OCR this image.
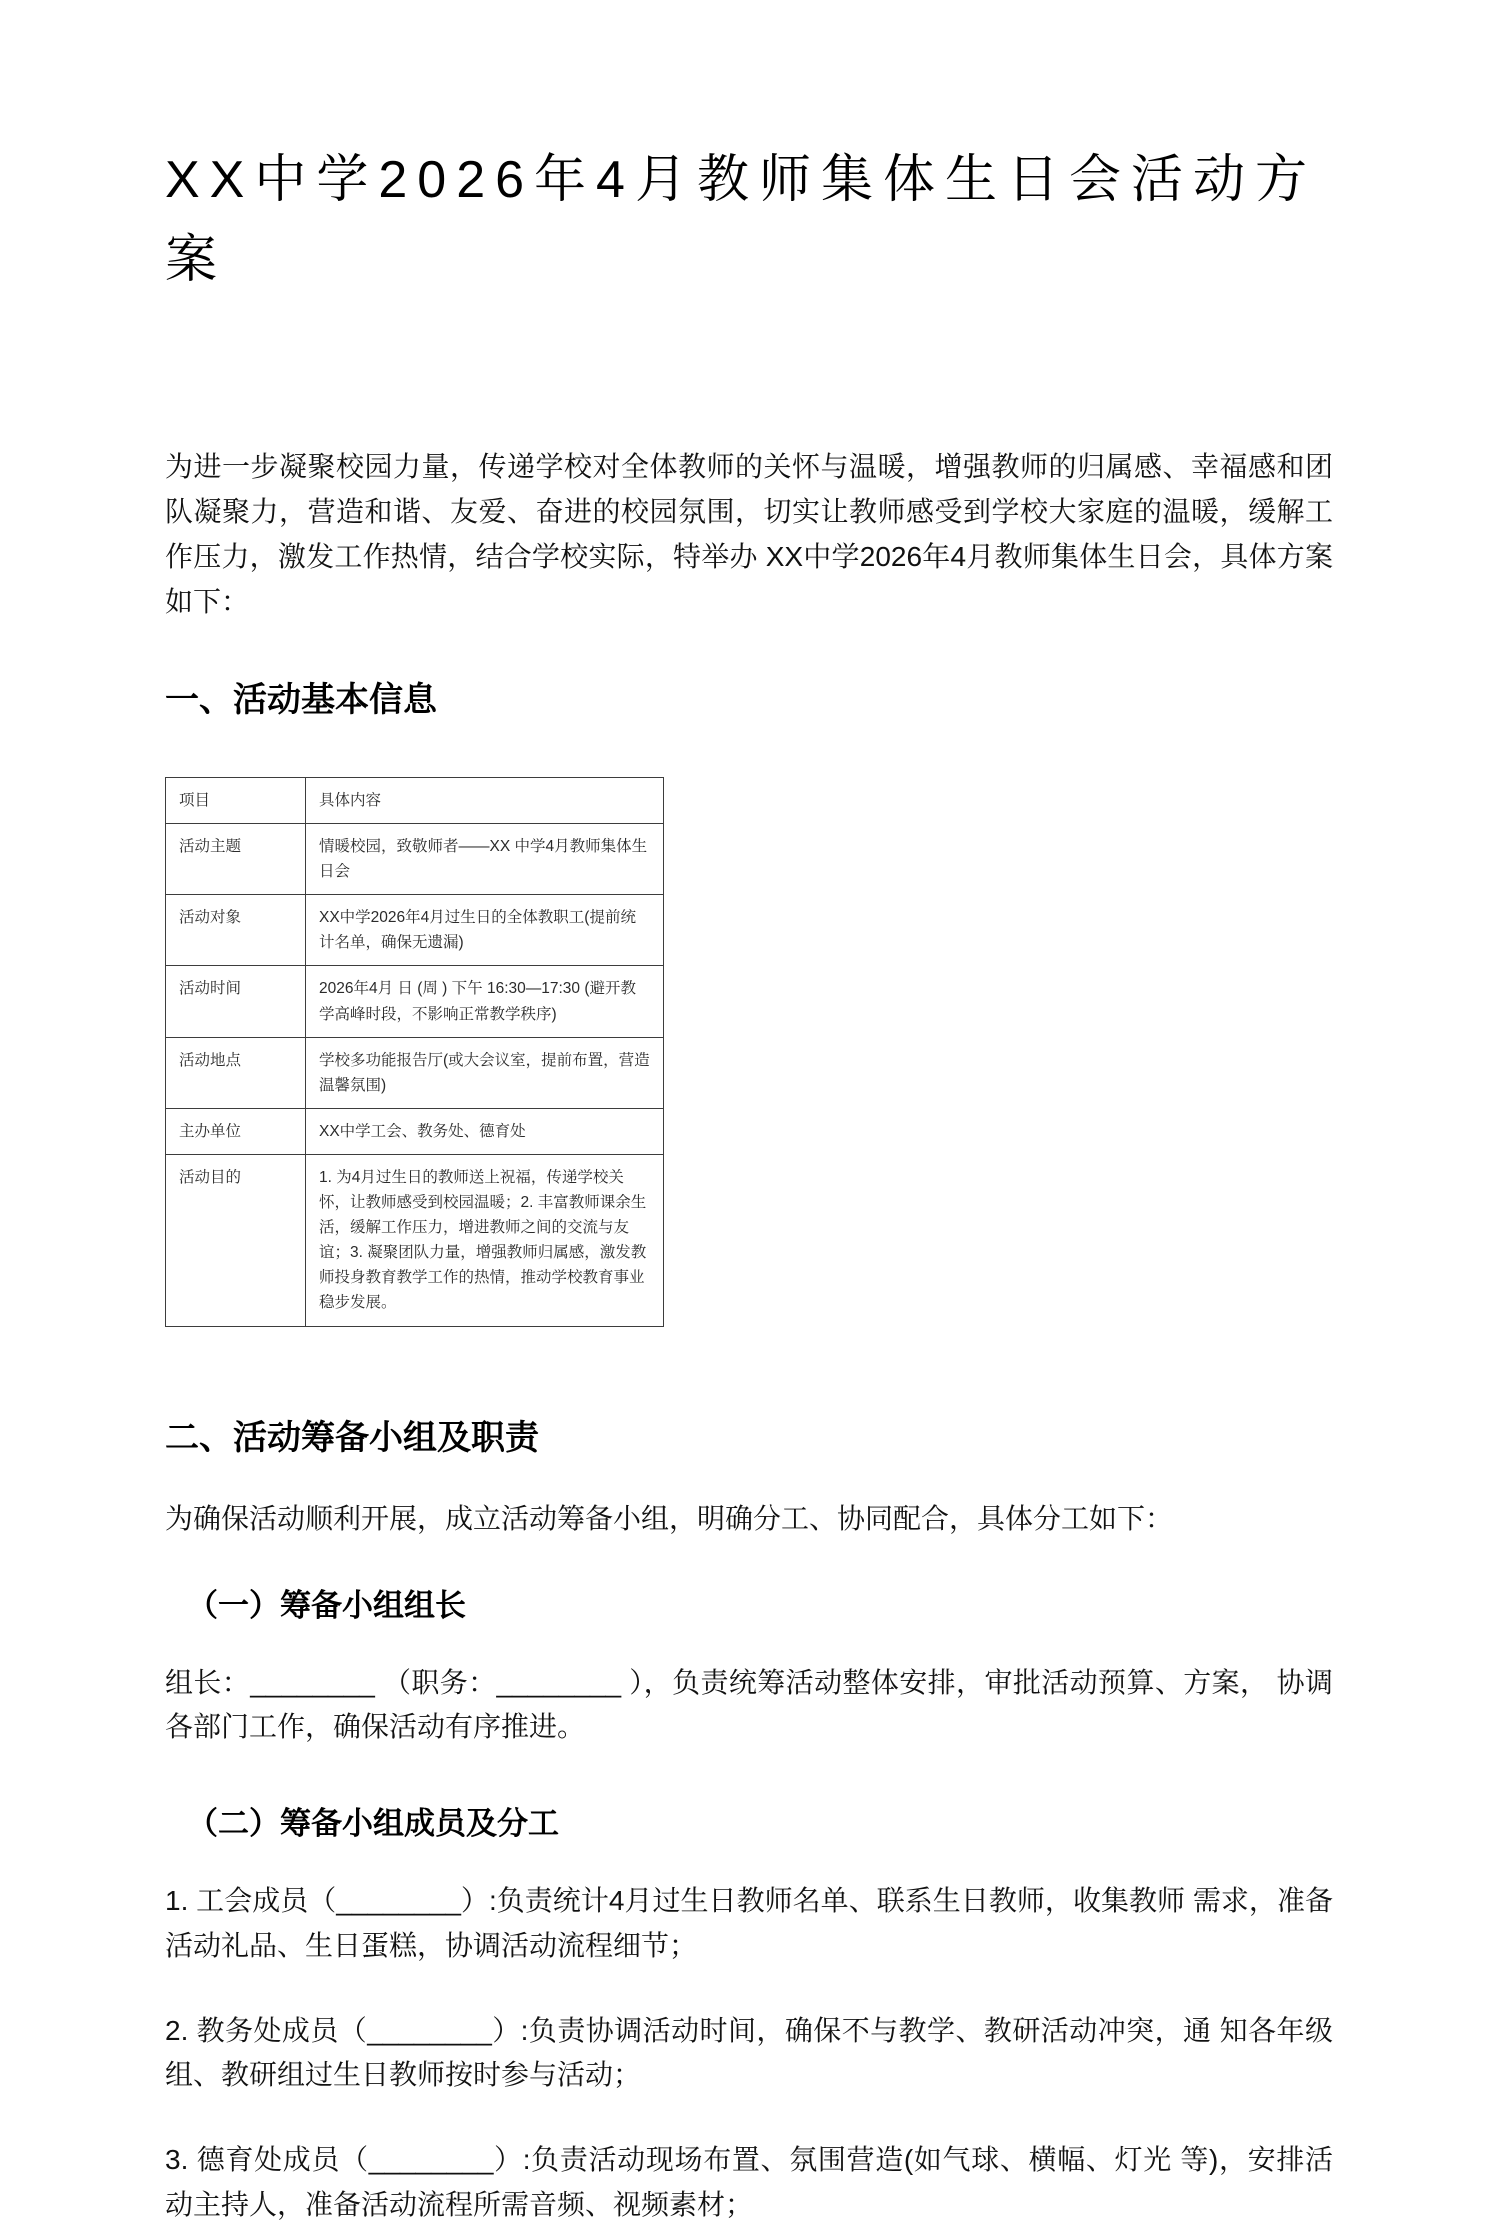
XX中学2026年4月教师集体生日会活动方案

为进一步凝聚校园力量，传递学校对全体教师的关怀与温暖，增强教师的归属感、幸福感和团队凝聚力，营造和谐、友爱、奋进的校园氛围，切实让教师感受到学校大家庭的温暖，缓解工作压力，激发工作热情，结合学校实际，特举办 XX中学2026年4月教师集体生日会，具体方案如下：

一、活动基本信息
项目	具体内容
活动主题	情暖校园，致敬师者——XX 中学4月教师集体生日会
活动对象	XX中学2026年4月过生日的全体教职工(提前统计名单，确保无遗漏)
活动时间	2026年4月 日 (周 ) 下午 16:30—17:30 (避开教学高峰时段，不影响正常教学秩序)
活动地点	学校多功能报告厅(或大会议室，提前布置，营造温馨氛围)
主办单位	XX中学工会、教务处、德育处
活动目的	1. 为4月过生日的教师送上祝福，传递学校关怀，让教师感受到校园温暖；2. 丰富教师课余生活，缓解工作压力，增进教师之间的交流与友谊；3. 凝聚团队力量，增强教师归属感，激发教师投身教育教学工作的热情，推动学校教育事业稳步发展。
二、活动筹备小组及职责

为确保活动顺利开展，成立活动筹备小组，明确分工、协同配合，具体分工如下：

（一）筹备小组组长

组长：________ （职务：________ ），负责统筹活动整体安排，审批活动预算、方案， 协调各部门工作，确保活动有序推进。

（二）筹备小组成员及分工

1. 工会成员（________）:负责统计4月过生日教师名单、联系生日教师，收集教师 需求，准备活动礼品、生日蛋糕，协调活动流程细节；

2. 教务处成员（________）:负责协调活动时间，确保不与教学、教研活动冲突，通 知各年级组、教研组过生日教师按时参与活动；

3. 德育处成员（________）:负责活动现场布置、氛围营造(如气球、横幅、灯光 等)，安排活动主持人，准备活动流程所需音频、视频素材；
